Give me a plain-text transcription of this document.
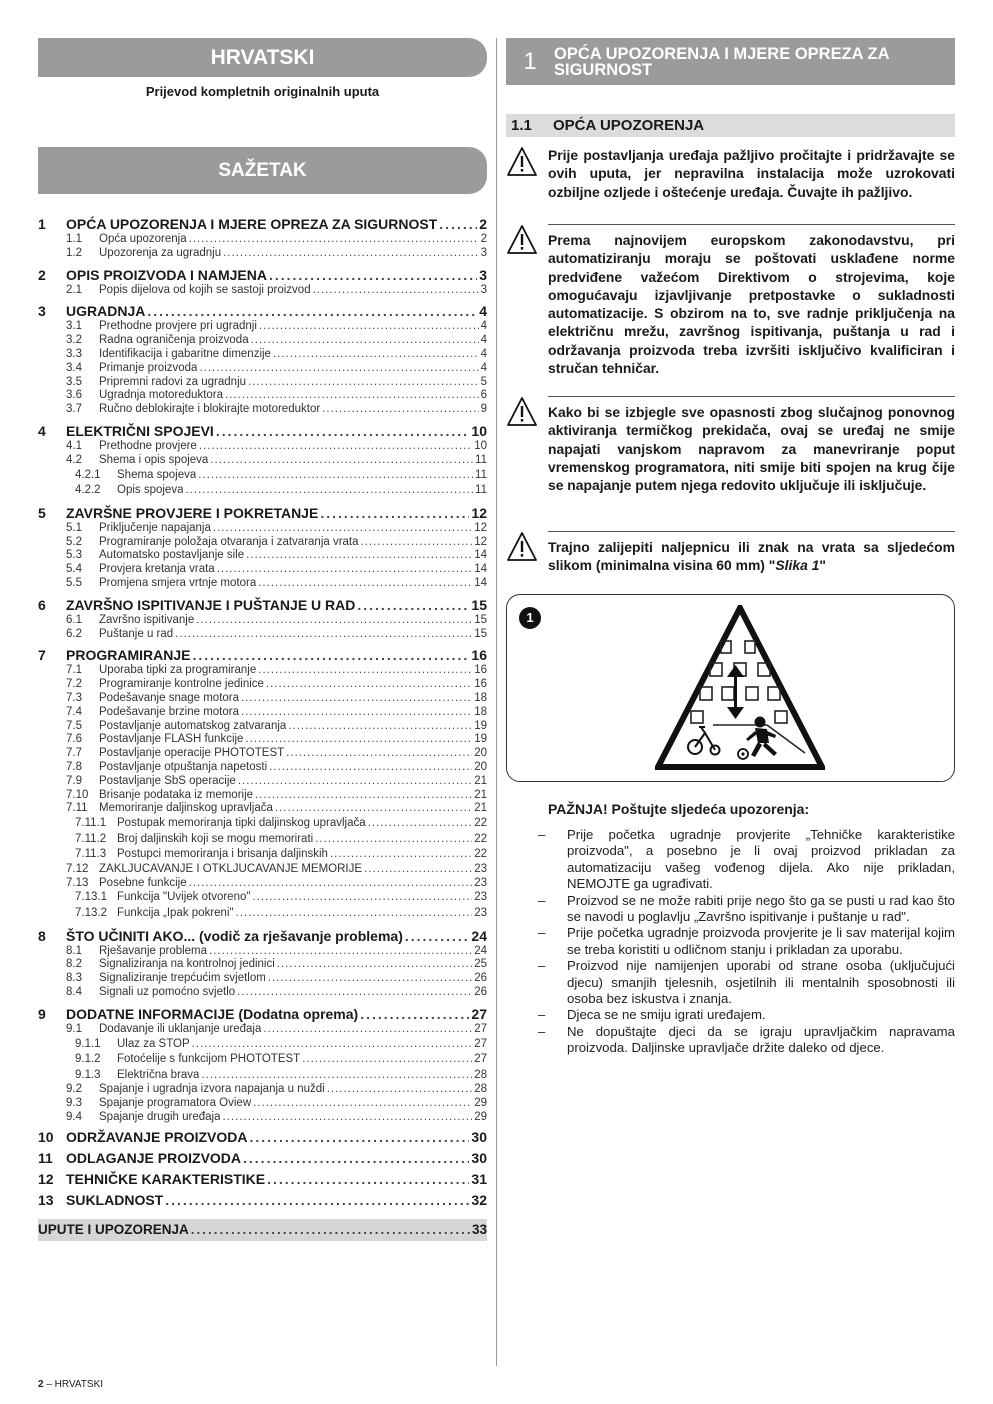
HRVATSKI
Prijevod kompletnih originalnih uputa
SAŽETAK
1	OPĆA UPOZORENJA I MJERE OPREZA ZA SIGURNOST .....	2
1.1	Opća upozorenja .....	2
1.2	Upozorenja za ugradnju .....	3
2	OPIS PROIZVODA I NAMJENA .....	3
2.1	Popis dijelova od kojih se sastoji proizvod .....	3
3	UGRADNJA .....	4
3.1	Prethodne provjere pri ugradnji .....	4
3.2	Radna ograničenja proizvoda .....	4
3.3	Identifikacija i gabaritne dimenzije .....	4
3.4	Primanje proizvoda .....	4
3.5	Pripremni radovi za ugradnju .....	5
3.6	Ugradnja motoreduktora .....	6
3.7	Ručno deblokirajte i blokirajte motoreduktor .....	9
4	ELEKTRIČNI SPOJEVI .....	10
4.1	Prethodne provjere .....	10
4.2	Shema i opis spojeva .....	11
4.2.1	Shema spojeva .....	11
4.2.2	Opis spojeva .....	11
5	ZAVRŠNE PROVJERE I POKRETANJE .....	12
5.1	Priključenje napajanja .....	12
5.2	Programiranje položaja otvaranja i zatvaranja vrata .....	12
5.3	Automatsko postavljanje sile .....	14
5.4	Provjera kretanja vrata .....	14
5.5	Promjena smjera vrtnje motora .....	14
6	ZAVRŠNO ISPITIVANJE I PUŠTANJE U RAD .....	15
6.1	Završno ispitivanje .....	15
6.2	Puštanje u rad .....	15
7	PROGRAMIRANJE .....	16
7.1	Uporaba tipki za programiranje .....	16
7.2	Programiranje kontrolne jedinice .....	16
7.3	Podešavanje snage motora .....	18
7.4	Podešavanje brzine motora .....	18
7.5	Postavljanje automatskog zatvaranja .....	19
7.6	Postavljanje FLASH funkcije .....	19
7.7	Postavljanje operacije PHOTOTEST .....	20
7.8	Postavljanje otpuštanja napetosti .....	20
7.9	Postavljanje SbS operacije .....	21
7.10 Brisanje podataka iz memorije .....	21
7.11 Memoriranje daljinskog upravljača .....	21
7.11.1 Postupak memoriranja tipki daljinskog upravljača .....	22
7.11.2 Broj daljinskih koji se mogu memorirati .....	22
7.11.3 Postupci memoriranja i brisanja daljinskih .....	22
7.12 ZAKLJUČAVANJE I OTKLJUČAVANJE MEMORIJE .....	23
7.13 Posebne funkcije .....	23
7.13.1 Funkcija "Uvijek otvoreno" .....	23
7.13.2 Funkcija „Ipak pokreni" .....	23
8	ŠTO UČINITI AKO... (vodič za rješavanje problema) .....	24
8.1	Rješavanje problema .....	24
8.2	Signaliziranja na kontrolnoj jedinici .....	25
8.3	Signaliziranje trepćućim svjetlom .....	26
8.4	Signali uz pomoćno svjetlo .....	26
9	DODATNE INFORMACIJE (Dodatna oprema) .....	27
9.1	Dodavanje ili uklanjanje uređaja .....	27
9.1.1	Ulaz za STOP .....	27
9.1.2	Fotoćelije s funkcijom PHOTOTEST .....	27
9.1.3	Električna brava .....	28
9.2	Spajanje i ugradnja izvora napajanja u nuždi .....	28
9.3	Spajanje programatora Oview .....	29
9.4	Spajanje drugih uređaja .....	29
10 ODRŽAVANJE PROIZVODA .....	30
11 ODLAGANJE PROIZVODA .....	30
12 TEHNIČKE KARAKTERISTIKE .....	31
13 SUKLADNOST .....	32
UPUTE I UPOZORENJA .....	33
2 – HRVATSKI
1	OPĆA UPOZORENJA I MJERE OPREZA ZA
SIGURNOST
1.1 OPĆA UPOZORENJA
Prije postavljanja uređaja pažljivo pročitajte i pridržavajte se ovih uputa, jer nepravilna instalacija može uzrokovati ozbiljne ozljede i oštećenje uređaja. Čuvajte ih pažljivo.
Prema najnovijem europskom zakonodavstvu, pri automatiziranju moraju se poštovati usklađene norme predviđene važećom Direktivom o strojevima, koje omogućavaju izjavljivanje pretpostavke o sukladnosti automatizacije. S obzirom na to, sve radnje priključenja na električnu mrežu, završnog ispitivanja, puštanja u rad i održavanja proizvoda treba izvršiti isključivo kvalificiran i stručan tehničar.
Kako bi se izbjegle sve opasnosti zbog slučajnog ponovnog aktiviranja termičkog prekidača, ovaj se uređaj ne smije napajati vanjskom napravom za manevriranje poput vremenskog programatora, niti smije biti spojen na krug čije se napajanje putem njega redovito uključuje ili isključuje.
Trajno zalijepiti naljepnicu ili znak na vrata sa sljedećom slikom (minimalna visina 60 mm) "Slika 1"
1
PAŽNJA! Poštujte sljedeća upozorenja:
– Prije početka ugradnje provjerite „Tehničke karakteristike proizvoda", a posebno je li ovaj proizvod prikladan za automatizaciju vašeg vođenog dijela. Ako nije prikladan, NEMOJTE ga ugrađivati.
– Proizvod se ne može rabiti prije nego što ga se pusti u rad kao što se navodi u poglavlju „Završno ispitivanje i puštanje u rad".
– Prije početka ugradnje proizvoda provjerite je li sav materijal kojim se treba koristiti u odličnom stanju i prikladan za uporabu.
– Proizvod nije namijenjen uporabi od strane osoba (uključujući djecu) smanjih tjelesnih, osjetilnih ili mentalnih sposobnosti ili osoba bez iskustva i znanja.
– Djeca se ne smiju igrati uređajem.
– Ne dopuštajte djeci da se igraju upravljačkim napravama proizvoda. Daljinske upravljače držite daleko od djece.
